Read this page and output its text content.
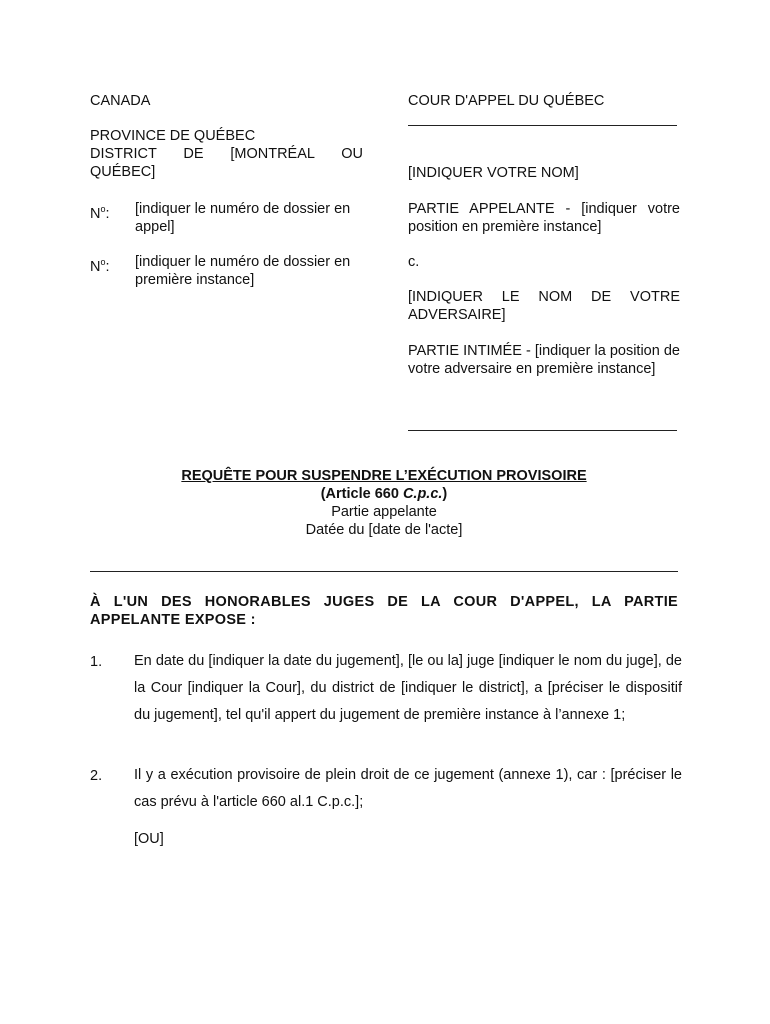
CANADA
PROVINCE DE QUÉBEC
DISTRICT DE [MONTRÉAL OU QUÉBEC]
$N^o$: [indiquer le numéro de dossier en appel]
$N^o$: [indiquer le numéro de dossier en première instance]
COUR D'APPEL DU QUÉBEC
[INDIQUER VOTRE NOM]
PARTIE APPELANTE - [indiquer votre position en première instance]
c.
[INDIQUER LE NOM DE VOTRE ADVERSAIRE]
PARTIE INTIMÉE - [indiquer la position de votre adversaire en première instance]
REQUÊTE POUR SUSPENDRE L’EXÉCUTION PROVISOIRE
(Article 660 C.p.c.)
Partie appelante
Datée du [date de l'acte]
À L'UN DES HONORABLES JUGES DE LA COUR D'APPEL, LA PARTIE APPELANTE EXPOSE :
1. En date du [indiquer la date du jugement], [le ou la] juge [indiquer le nom du juge], de la Cour [indiquer la Cour], du district de [indiquer le district], a [préciser le dispositif du jugement], tel qu'il appert du jugement de première instance à l’annexe 1;
2. Il y a exécution provisoire de plein droit de ce jugement (annexe 1), car : [préciser le cas prévu à l'article 660 al.1 C.p.c.];
[OU]
